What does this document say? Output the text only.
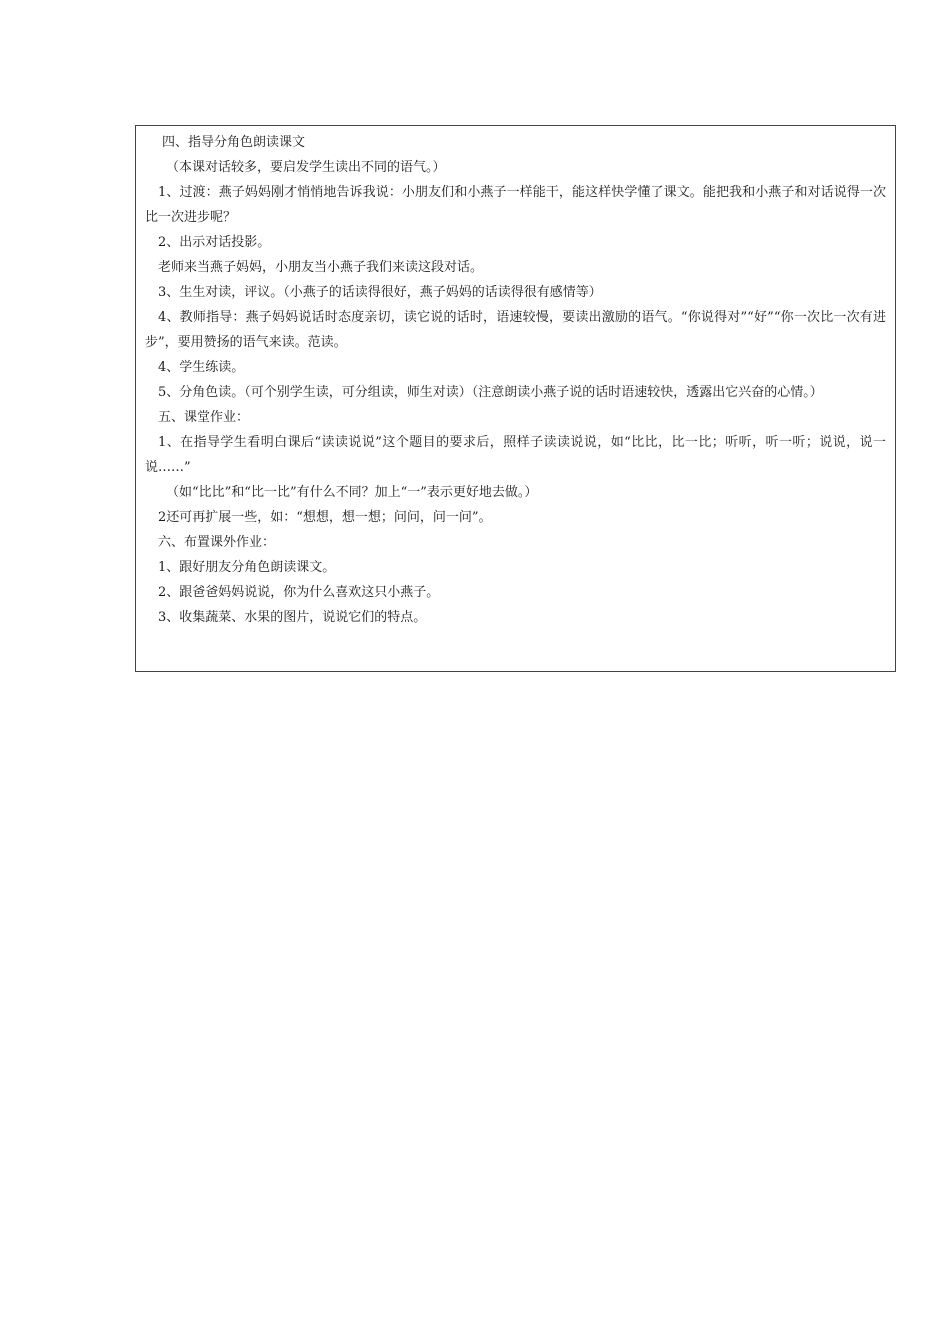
四、指导分角色朗读课文

（本课对话较多，要启发学生读出不同的语气。）

1、过渡：燕子妈妈刚才悄悄地告诉我说：小朋友们和小燕子一样能干，能这样快学懂了课文。能把我和小燕子和对话说得一次比一次进步呢？

2、出示对话投影。

老师来当燕子妈妈，小朋友当小燕子我们来读这段对话。

3、生生对读，评议。（小燕子的话读得很好，燕子妈妈的话读得很有感情等）

4、教师指导：燕子妈妈说话时态度亲切，读它说的话时，语速较慢，要读出激励的语气。“你说得对”“好”“你一次比一次有进步”，要用赞扬的语气来读。范读。

4、学生练读。

5、分角色读。（可个别学生读，可分组读，师生对读）（注意朗读小燕子说的话时语速较快，透露出它兴奋的心情。）

五、课堂作业：

1、在指导学生看明白课后“读读说说”这个题目的要求后，照样子读读说说，如“比比，比一比；听听，听一听；说说，说一说……”

（如“比比”和“比一比”有什么不同？加上“一”表示更好地去做。）

2还可再扩展一些，如：“想想，想一想；问问，问一问”。

六、布置课外作业：

1、跟好朋友分角色朗读课文。

2、跟爸爸妈妈说说，你为什么喜欢这只小燕子。

3、收集蔬菜、水果的图片，说说它们的特点。
